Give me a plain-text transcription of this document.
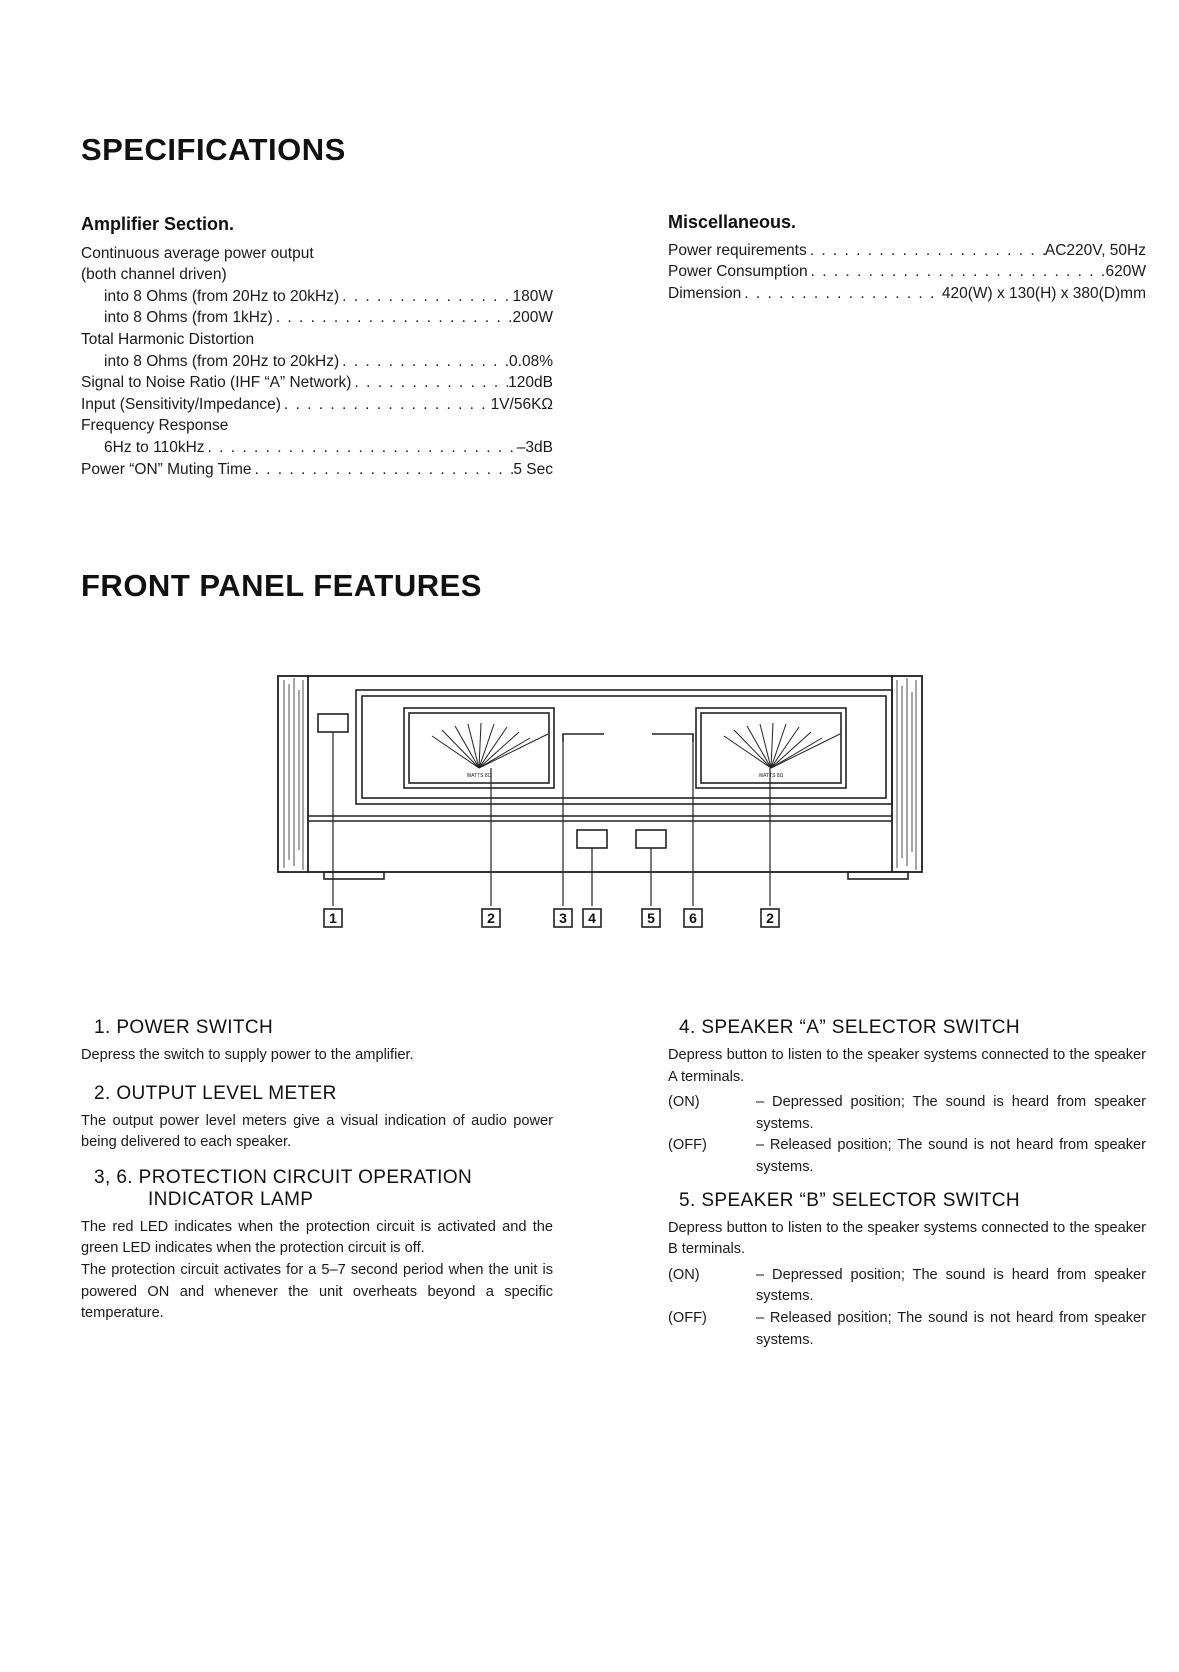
SPECIFICATIONS
Amplifier Section.
Continuous average power output
(both channel driven)
into 8 Ohms (from 20Hz to 20kHz) . . .	180W
into 8 Ohms (from 1kHz) . . .	200W
Total Harmonic Distortion
into 8 Ohms (from 20Hz to 20kHz) . . .	0.08%
Signal to Noise Ratio (IHF “A” Network) . . .	120dB
Input (Sensitivity/Impedance) . . .	1V/56KΩ
Frequency Response
6Hz to 110kHz . . .	–3dB
Power “ON” Muting Time . . .	5 Sec
Miscellaneous.
Power requirements . . .	AC220V, 50Hz
Power Consumption . . .	620W
Dimension . . .	420(W) x 130(H) x 380(D)mm
FRONT PANEL FEATURES
WATTS 8Ω	WATTS 8Ω
1	2	3 4	5 6	2
1. POWER SWITCH

Depress the switch to supply power to the amplifier.

2. OUTPUT LEVEL METER

The output power level meters give a visual indication of audio power being delivered to each speaker.

3, 6. PROTECTION CIRCUIT OPERATION
INDICATOR LAMP

The red LED indicates when the protection circuit is activated and the green LED indicates when the protection circuit is off.

The protection circuit activates for a 5–7 second period when the unit is powered ON and whenever the unit overheats beyond a specific temperature.

4. SPEAKER “A” SELECTOR SWITCH

Depress button to listen to the speaker systems connected to the speaker A terminals.

(ON)	– Depressed position; The sound is heard from speaker systems.
(OFF)	– Released position; The sound is not heard from speaker systems.
5. SPEAKER “B” SELECTOR SWITCH

Depress button to listen to the speaker systems connected to the speaker B terminals.

(ON)	– Depressed position; The sound is heard from speaker systems.
(OFF)	– Released position; The sound is not heard from speaker systems.
